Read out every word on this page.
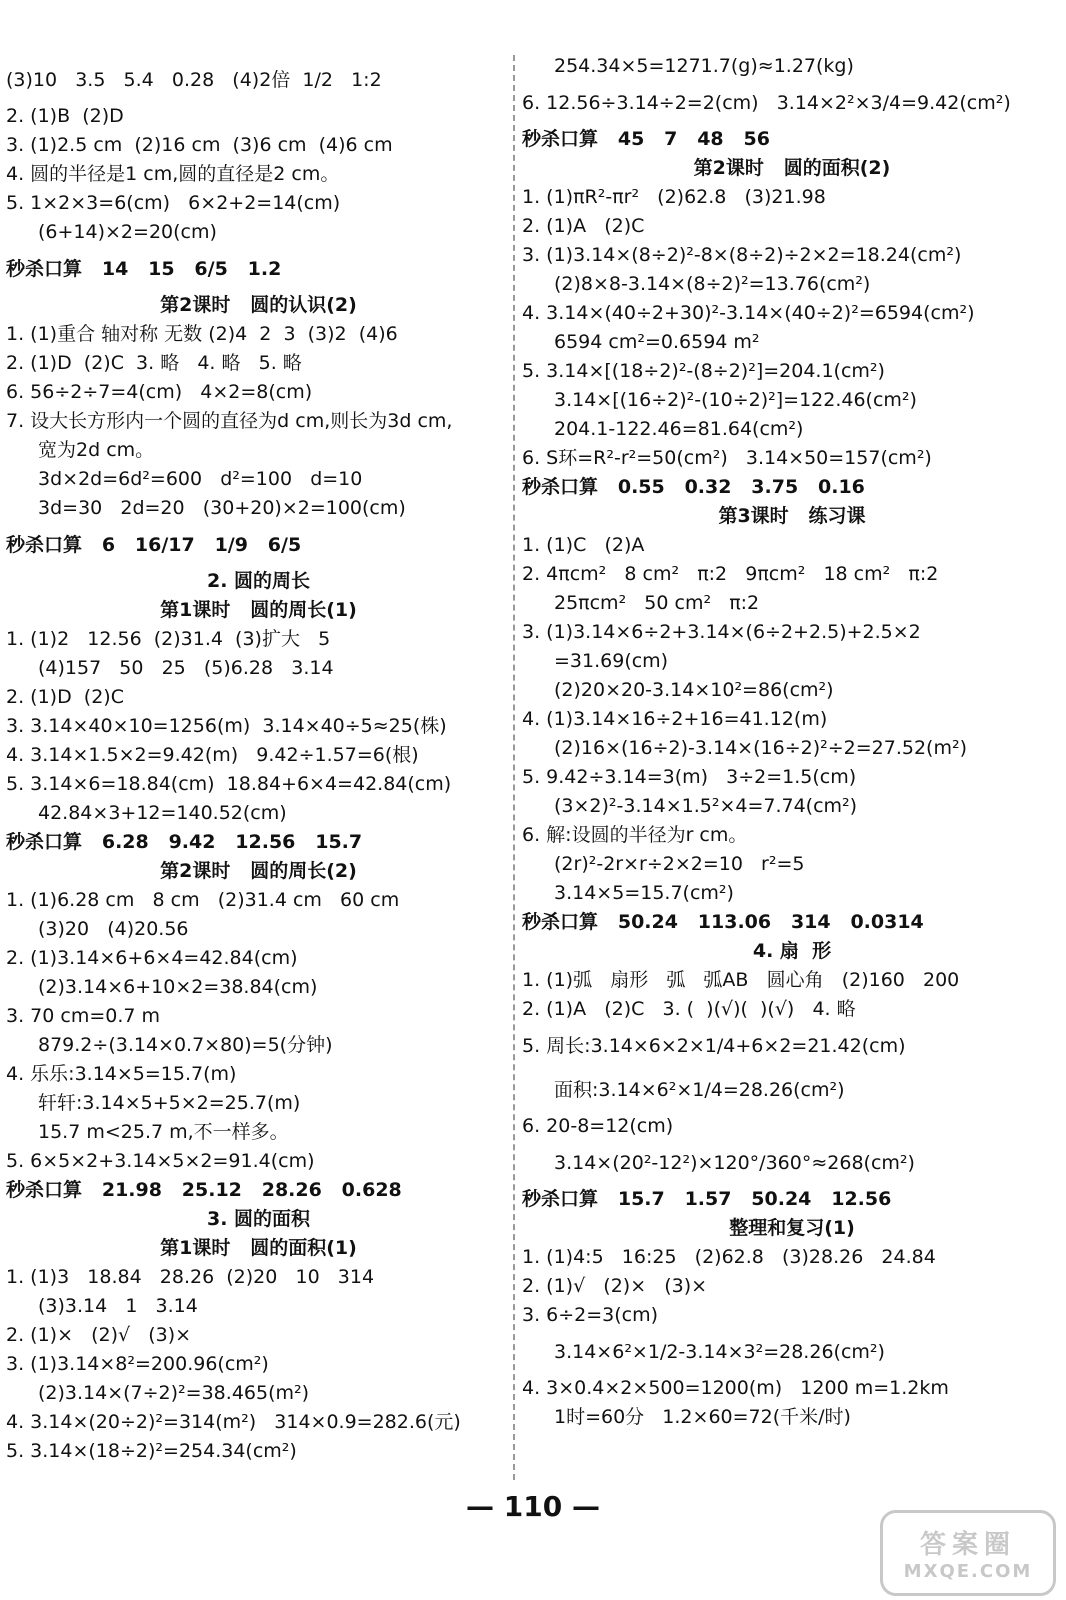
(3)10   3.5   5.4   0.28   (4)2倍  1/2   1:2
2. (1)B  (2)D
3. (1)2.5 cm  (2)16 cm  (3)6 cm  (4)6 cm
4. 圆的半径是1 cm,圆的直径是2 cm。
5. 1×2×3=6(cm)   6×2+2=14(cm)
(6+14)×2=20(cm)
秒杀口算   14   15   6/5   1.2
第2课时   圆的认识(2)
1. (1)重合 轴对称 无数 (2)4  2  3  (3)2  (4)6
2. (1)D  (2)C  3. 略   4. 略   5. 略
6. 56÷2÷7=4(cm)   4×2=8(cm)
7. 设大长方形内一个圆的直径为d cm,则长为3d cm,
宽为2d cm。
3d×2d=6d²=600   d²=100   d=10
3d=30   2d=20   (30+20)×2=100(cm)
秒杀口算   6   16/17   1/9   6/5
2. 圆的周长
第1课时   圆的周长(1)
1. (1)2   12.56  (2)31.4  (3)扩大   5
(4)157   50   25   (5)6.28   3.14
2. (1)D  (2)C
3. 3.14×40×10=1256(m)  3.14×40÷5≈25(株)
4. 3.14×1.5×2=9.42(m)   9.42÷1.57=6(根)
5. 3.14×6=18.84(cm)  18.84+6×4=42.84(cm)
42.84×3+12=140.52(cm)
秒杀口算   6.28   9.42   12.56   15.7
第2课时   圆的周长(2)
1. (1)6.28 cm   8 cm   (2)31.4 cm   60 cm
(3)20   (4)20.56
2. (1)3.14×6+6×4=42.84(cm)
(2)3.14×6+10×2=38.84(cm)
3. 70 cm=0.7 m
879.2÷(3.14×0.7×80)=5(分钟)
4. 乐乐:3.14×5=15.7(m)
轩轩:3.14×5+5×2=25.7(m)
15.7 m<25.7 m,不一样多。
5. 6×5×2+3.14×5×2=91.4(cm)
秒杀口算   21.98   25.12   28.26   0.628
3. 圆的面积
第1课时   圆的面积(1)
1. (1)3   18.84   28.26  (2)20   10   314
(3)3.14   1   3.14
2. (1)×   (2)√   (3)×
3. (1)3.14×8²=200.96(cm²)
(2)3.14×(7÷2)²=38.465(m²)
4. 3.14×(20÷2)²=314(m²)   314×0.9=282.6(元)
5. 3.14×(18÷2)²=254.34(cm²)
254.34×5=1271.7(g)≈1.27(kg)
6. 12.56÷3.14÷2=2(cm)   3.14×2²×3/4=9.42(cm²)
秒杀口算   45   7   48   56
第2课时   圆的面积(2)
1. (1)πR²-πr²   (2)62.8   (3)21.98
2. (1)A   (2)C
3. (1)3.14×(8÷2)²-8×(8÷2)÷2×2=18.24(cm²)
(2)8×8-3.14×(8÷2)²=13.76(cm²)
4. 3.14×(40÷2+30)²-3.14×(40÷2)²=6594(cm²)
6594 cm²=0.6594 m²
5. 3.14×[(18÷2)²-(8÷2)²]=204.1(cm²)
3.14×[(16÷2)²-(10÷2)²]=122.46(cm²)
204.1-122.46=81.64(cm²)
6. S环=R²-r²=50(cm²)   3.14×50=157(cm²)
秒杀口算   0.55   0.32   3.75   0.16
第3课时   练习课
1. (1)C   (2)A
2. 4πcm²   8 cm²   π:2   9πcm²   18 cm²   π:2
25πcm²   50 cm²   π:2
3. (1)3.14×6÷2+3.14×(6÷2+2.5)+2.5×2
=31.69(cm)
(2)20×20-3.14×10²=86(cm²)
4. (1)3.14×16÷2+16=41.12(m)
(2)16×(16÷2)-3.14×(16÷2)²÷2=27.52(m²)
5. 9.42÷3.14=3(m)   3÷2=1.5(cm)
(3×2)²-3.14×1.5²×4=7.74(cm²)
6. 解:设圆的半径为r cm。
(2r)²-2r×r÷2×2=10   r²=5
3.14×5=15.7(cm²)
秒杀口算   50.24   113.06   314   0.0314
4. 扇  形
1. (1)弧   扇形   弧   弧AB   圆心角   (2)160   200
2. (1)A   (2)C   3. (  )(√)(  )(√)   4. 略
5. 周长:3.14×6×2×1/4+6×2=21.42(cm)
面积:3.14×6²×1/4=28.26(cm²)
6. 20-8=12(cm)
3.14×(20²-12²)×120°/360°≈268(cm²)
秒杀口算   15.7   1.57   50.24   12.56
整理和复习(1)
1. (1)4:5   16:25   (2)62.8   (3)28.26   24.84
2. (1)√   (2)×   (3)×
3. 6÷2=3(cm)
3.14×6²×1/2-3.14×3²=28.26(cm²)
4. 3×0.4×2×500=1200(m)   1200 m=1.2km
1时=60分   1.2×60=72(千米/时)
— 110 —
答案圈
MXQE.COM
